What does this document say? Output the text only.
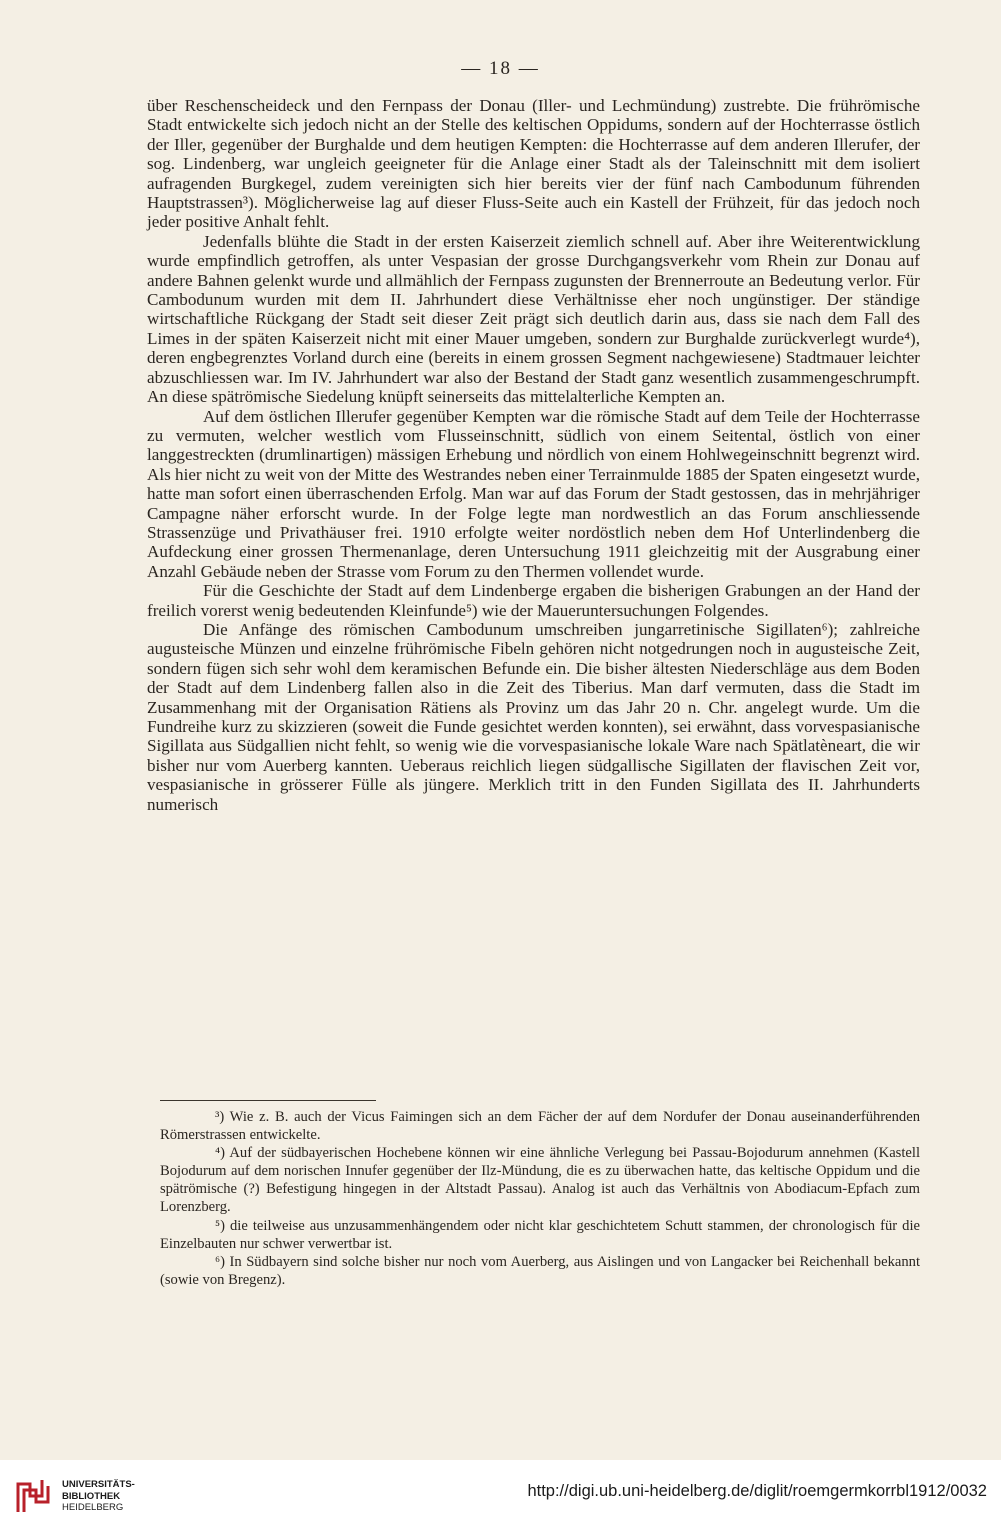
— 18 —

über Reschenscheideck und den Fernpass der Donau (Iller- und Lechmündung) zustrebte. Die frührömische Stadt entwickelte sich jedoch nicht an der Stelle des keltischen Oppidums, sondern auf der Hochterrasse östlich der Iller, gegenüber der Burghalde und dem heutigen Kempten: die Hochterrasse auf dem anderen Illerufer, der sog. Lindenberg, war ungleich geeigneter für die Anlage einer Stadt als der Taleinschnitt mit dem isoliert aufragenden Burgkegel, zudem vereinigten sich hier bereits vier der fünf nach Cambodunum führenden Hauptstrassen³). Möglicherweise lag auf dieser Fluss-Seite auch ein Kastell der Frühzeit, für das jedoch noch jeder positive Anhalt fehlt.

Jedenfalls blühte die Stadt in der ersten Kaiserzeit ziemlich schnell auf. Aber ihre Weiterentwicklung wurde empfindlich getroffen, als unter Vespasian der grosse Durchgangsverkehr vom Rhein zur Donau auf andere Bahnen gelenkt wurde und allmählich der Fernpass zugunsten der Brennerroute an Bedeutung verlor. Für Cambodunum wurden mit dem II. Jahrhundert diese Verhältnisse eher noch ungünstiger. Der ständige wirtschaftliche Rückgang der Stadt seit dieser Zeit prägt sich deutlich darin aus, dass sie nach dem Fall des Limes in der späten Kaiserzeit nicht mit einer Mauer umgeben, sondern zur Burghalde zurückverlegt wurde⁴), deren engbegrenztes Vorland durch eine (bereits in einem grossen Segment nachgewiesene) Stadtmauer leichter abzuschliessen war. Im IV. Jahrhundert war also der Bestand der Stadt ganz wesentlich zusammengeschrumpft. An diese spätrömische Siedelung knüpft seinerseits das mittelalterliche Kempten an.

Auf dem östlichen Illerufer gegenüber Kempten war die römische Stadt auf dem Teile der Hochterrasse zu vermuten, welcher westlich vom Flusseinschnitt, südlich von einem Seitental, östlich von einer langgestreckten (drumlinartigen) mässigen Erhebung und nördlich von einem Hohlwegeinschnitt begrenzt wird. Als hier nicht zu weit von der Mitte des Westrandes neben einer Terrainmulde 1885 der Spaten eingesetzt wurde, hatte man sofort einen überraschenden Erfolg. Man war auf das Forum der Stadt gestossen, das in mehrjähriger Campagne näher erforscht wurde. In der Folge legte man nordwestlich an das Forum anschliessende Strassenzüge und Privathäuser frei. 1910 erfolgte weiter nordöstlich neben dem Hof Unterlindenberg die Aufdeckung einer grossen Thermenanlage, deren Untersuchung 1911 gleichzeitig mit der Ausgrabung einer Anzahl Gebäude neben der Strasse vom Forum zu den Thermen vollendet wurde.

Für die Geschichte der Stadt auf dem Lindenberge ergaben die bisherigen Grabungen an der Hand der freilich vorerst wenig bedeutenden Kleinfunde⁵) wie der Maueruntersuchungen Folgendes.

Die Anfänge des römischen Cambodunum umschreiben jungarretinische Sigillaten⁶); zahlreiche augusteische Münzen und einzelne frührömische Fibeln gehören nicht notgedrungen noch in augusteische Zeit, sondern fügen sich sehr wohl dem keramischen Befunde ein. Die bisher ältesten Niederschläge aus dem Boden der Stadt auf dem Lindenberg fallen also in die Zeit des Tiberius. Man darf vermuten, dass die Stadt im Zusammenhang mit der Organisation Rätiens als Provinz um das Jahr 20 n. Chr. angelegt wurde. Um die Fundreihe kurz zu skizzieren (soweit die Funde gesichtet werden konnten), sei erwähnt, dass vorvespasianische Sigillata aus Südgallien nicht fehlt, so wenig wie die vorvespasianische lokale Ware nach Spätlatèneart, die wir bisher nur vom Auerberg kannten. Ueberaus reichlich liegen südgallische Sigillaten der flavischen Zeit vor, vespasianische in grösserer Fülle als jüngere. Merklich tritt in den Funden Sigillata des II. Jahrhunderts numerisch

³) Wie z. B. auch der Vicus Faimingen sich an dem Fächer der auf dem Nordufer der Donau auseinanderführenden Römerstrassen entwickelte.

⁴) Auf der südbayerischen Hochebene können wir eine ähnliche Verlegung bei Passau-Bojodurum annehmen (Kastell Bojodurum auf dem norischen Innufer gegenüber der Ilz-Mündung, die es zu überwachen hatte, das keltische Oppidum und die spätrömische (?) Befestigung hingegen in der Altstadt Passau). Analog ist auch das Verhältnis von Abodiacum-Epfach zum Lorenzberg.

⁵) die teilweise aus unzusammenhängendem oder nicht klar geschichtetem Schutt stammen, der chronologisch für die Einzelbauten nur schwer verwertbar ist.

⁶) In Südbayern sind solche bisher nur noch vom Auerberg, aus Aislingen und von Langacker bei Reichenhall bekannt (sowie von Bregenz).

UNIVERSITÄTS-
BIBLIOTHEK
HEIDELBERG
http://digi.ub.uni-heidelberg.de/diglit/roemgermkorrbl1912/0032
